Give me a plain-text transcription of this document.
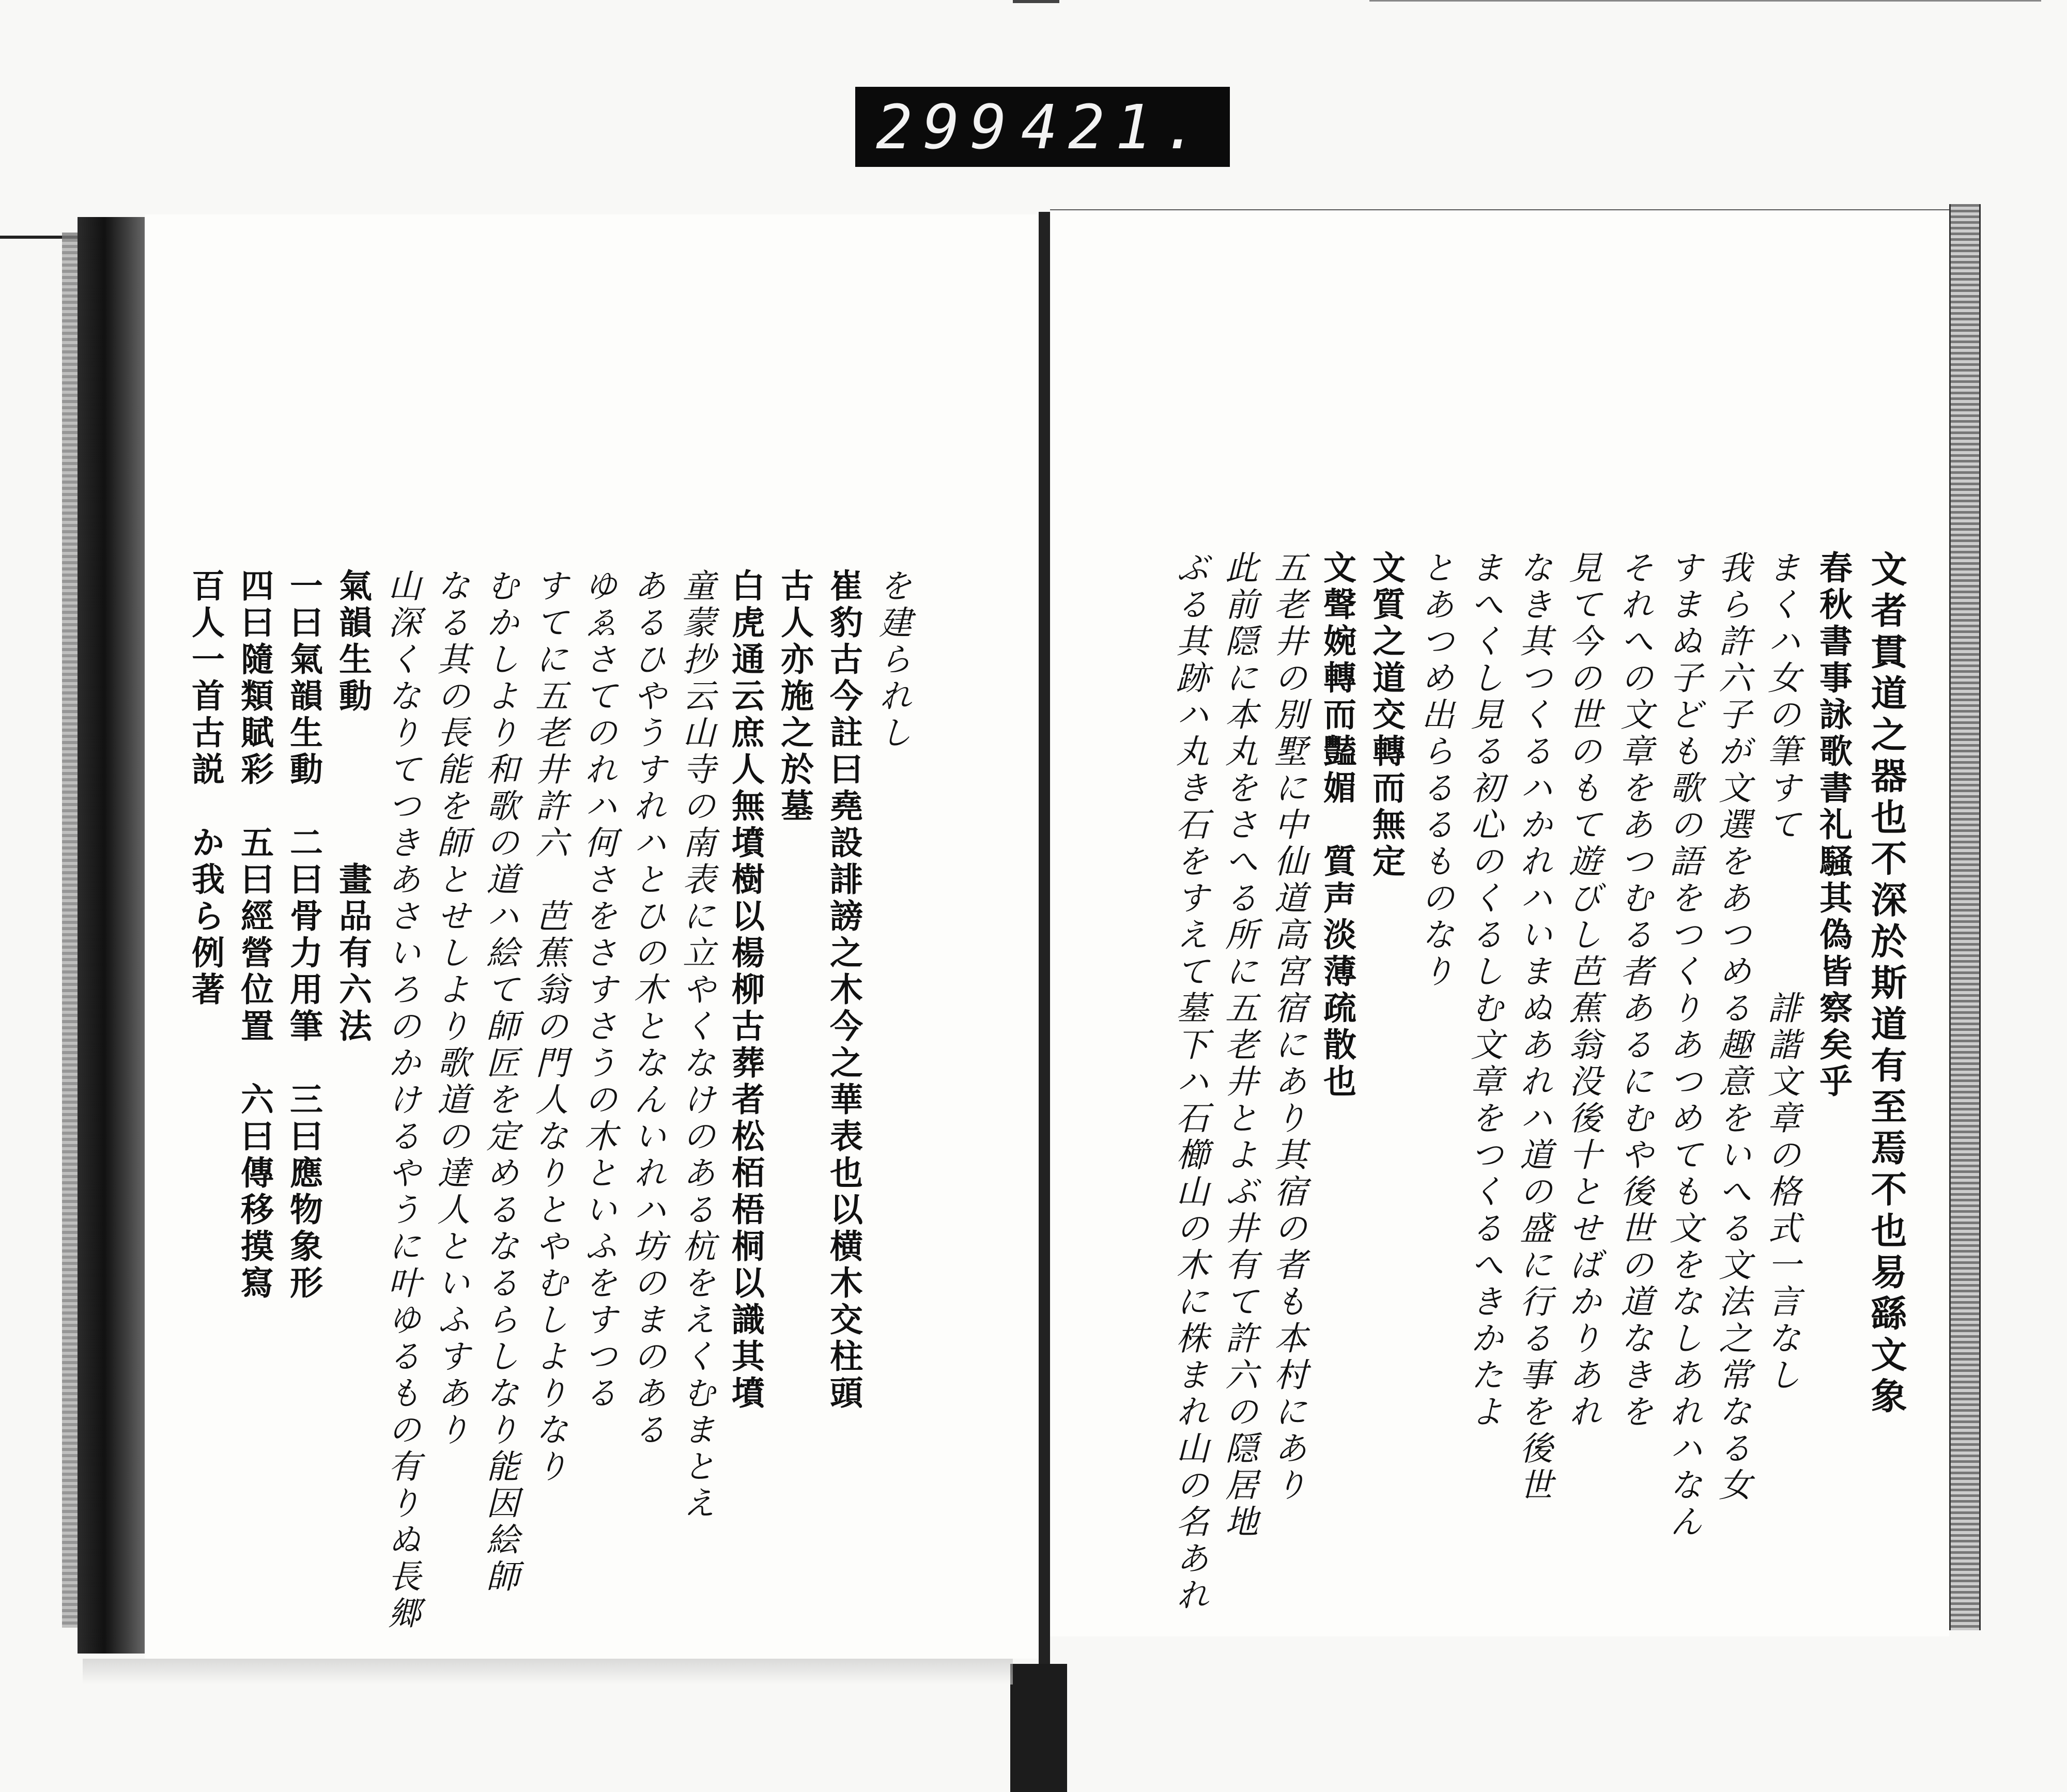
299 421.
文者貫道之器也不深於斯道有至焉不也易繇文象
春秋書事詠歌書礼騒其偽皆察矣乎
まくハ女の筆すて　　　　誹諧文章の格式一言なし
我ら許六子が文選をあつめる趣意をいへる文法之常なる女
すまぬ子ども歌の語をつくりあつめても文をなしあれハなん
それへの文章をあつむる者あるにむや後世の道なきを
見て今の世のもて遊びし芭蕉翁没後十とせばかりあれ
なき其つくるハかれハいまぬあれハ道の盛に行る事を後世
まへくし見る初心のくるしむ文章をつくるへきかたよ
とあつめ出らるるものなり
文質之道交轉而無定
文聲婉轉而豔媚　質声淡薄疏散也
五老井の別墅に中仙道高宮宿にあり其宿の者も本村にあり
此前隠に本丸をさへる所に五老井とよぶ井有て許六の隠居地
ぶる其跡ハ丸き石をすえて墓下ハ石櫛山の木に株まれ山の名あれ
を建られし
崔豹古今註曰堯設誹謗之木今之華表也以横木交柱頭
古人亦施之於墓
白虎通云庶人無墳樹以楊柳古葬者松栢梧桐以識其墳
童蒙抄云山寺の南表に立やくなけのある杭をえくむまとえ
あるひやうすれハとひの木となんいれハ坊のまのある
ゆゑさてのれハ何さをさすさうの木といふをすつる
すてに五老井許六　芭蕉翁の門人なりとやむしよりなり
むかしより和歌の道ハ絵て師匠を定めるなるらしなり能因絵師
なる其の長能を師とせしより歌道の達人といふすあり
山深くなりてつきあさいろのかけるやうに叶ゆるもの有りぬ長郷
氣韻生動　　　　畫品有六法
一曰氣韻生動　二曰骨力用筆　三曰應物象形
四曰隨類賦彩　五曰經營位置　六曰傳移摸寫
百人一首古説　か我ら例著
